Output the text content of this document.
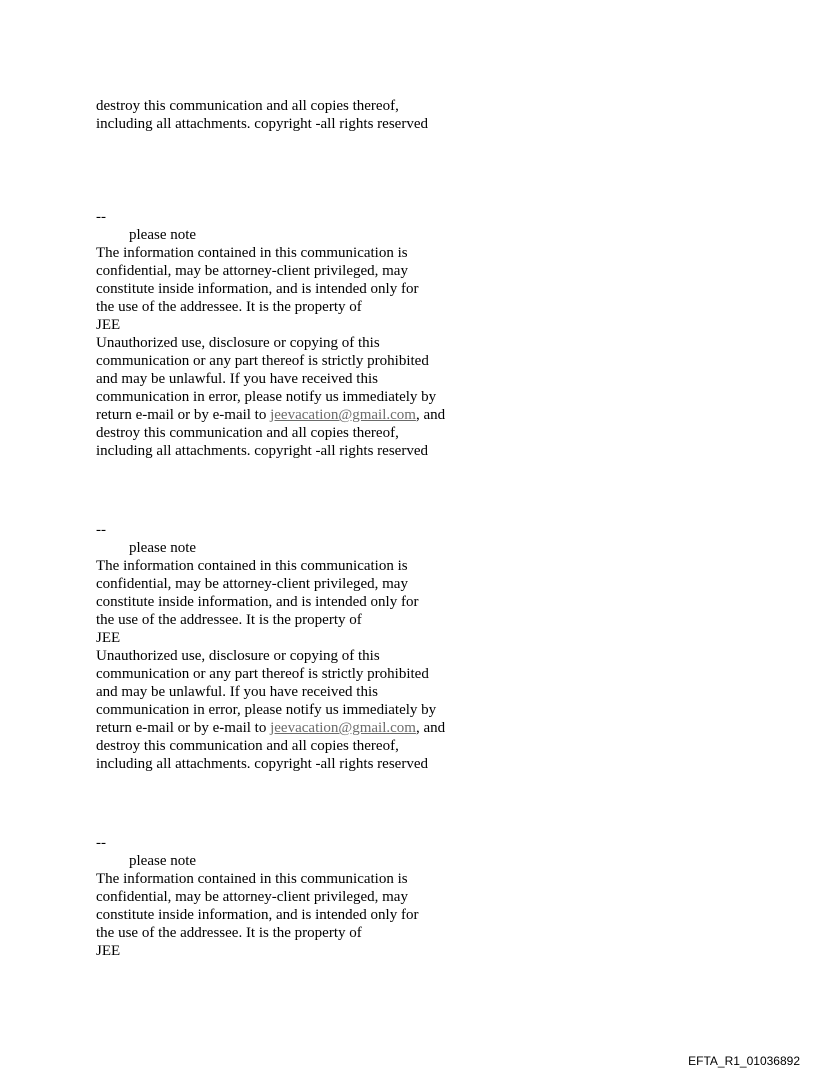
destroy this communication and all copies thereof,
including all attachments. copyright -all rights reserved
--
please note
The information contained in this communication is
confidential, may be attorney-client privileged, may
constitute inside information, and is intended only for
the use of the addressee. It is the property of
JEE
Unauthorized use, disclosure or copying of this
communication or any part thereof is strictly prohibited
and may be unlawful. If you have received this
communication in error, please notify us immediately by
return e-mail or by e-mail to jeevacation@gmail.com, and
destroy this communication and all copies thereof,
including all attachments. copyright -all rights reserved
--
please note
The information contained in this communication is
confidential, may be attorney-client privileged, may
constitute inside information, and is intended only for
the use of the addressee. It is the property of
JEE
Unauthorized use, disclosure or copying of this
communication or any part thereof is strictly prohibited
and may be unlawful. If you have received this
communication in error, please notify us immediately by
return e-mail or by e-mail to jeevacation@gmail.com, and
destroy this communication and all copies thereof,
including all attachments. copyright -all rights reserved
--
please note
The information contained in this communication is
confidential, may be attorney-client privileged, may
constitute inside information, and is intended only for
the use of the addressee. It is the property of
JEE
EFTA_R1_01036892
